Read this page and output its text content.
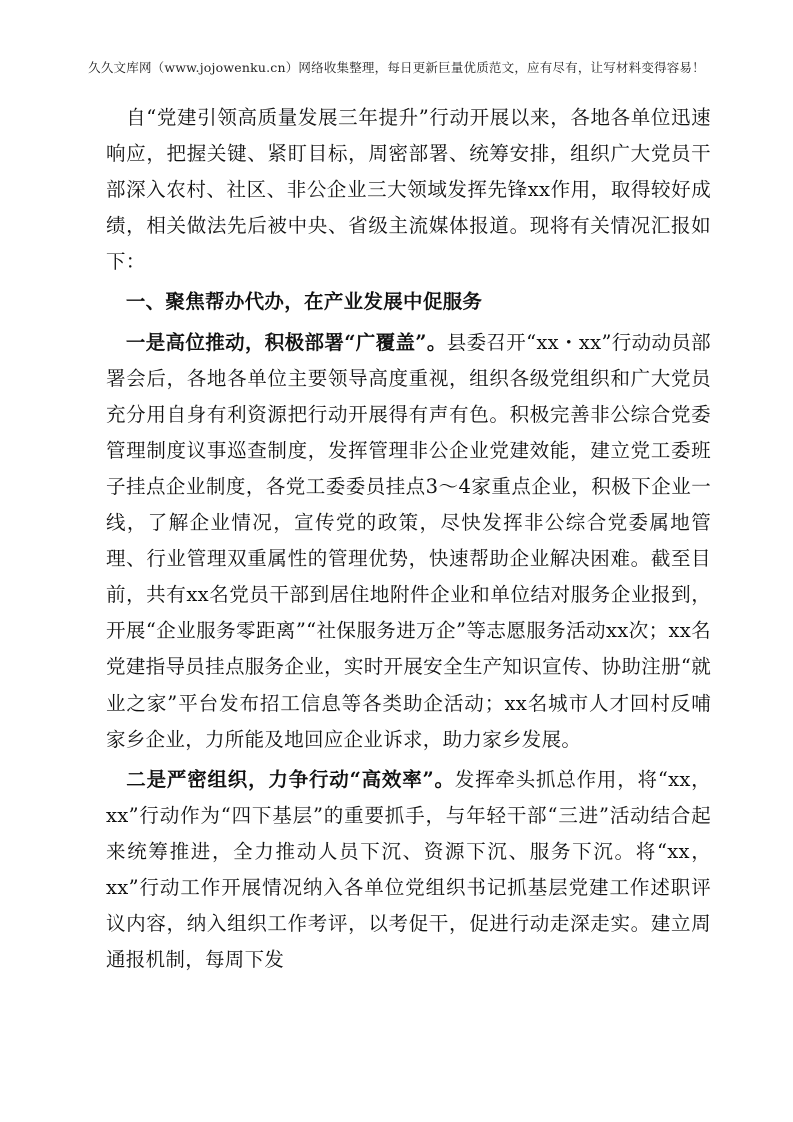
久久文库网（www.jojowenku.cn）网络收集整理，每日更新巨量优质范文，应有尽有，让写材料变得容易！

 自“党建引领高质量发展三年提升”行动开展以来，各地各单位迅速响应，把握关键、紧盯目标，周密部署、统筹安排，组织广大党员干部深入农村、社区、非公企业三大领域发挥先锋xx作用，取得较好成绩，相关做法先后被中央、省级主流媒体报道。现将有关情况汇报如下：

 一、聚焦帮办代办，在产业发展中促服务

 一是高位推动，积极部署“广覆盖”。县委召开“xx・xx”行动动员部署会后，各地各单位主要领导高度重视，组织各级党组织和广大党员充分用自身有利资源把行动开展得有声有色。积极完善非公综合党委管理制度议事巡查制度，发挥管理非公企业党建效能，建立党工委班子挂点企业制度，各党工委委员挂点3～4家重点企业，积极下企业一线，了解企业情况，宣传党的政策，尽快发挥非公综合党委属地管理、行业管理双重属性的管理优势，快速帮助企业解决困难。截至目前，共有xx名党员干部到居住地附件企业和单位结对服务企业报到，开展“企业服务零距离”“社保服务进万企”等志愿服务活动xx次；xx名党建指导员挂点服务企业，实时开展安全生产知识宣传、协助注册“就业之家”平台发布招工信息等各类助企活动；xx名城市人才回村反哺家乡企业，力所能及地回应企业诉求，助力家乡发展。

 二是严密组织，力争行动“高效率”。发挥牵头抓总作用，将“xx，xx”行动作为“四下基层”的重要抓手，与年轻干部“三进”活动结合起来统筹推进，全力推动人员下沉、资源下沉、服务下沉。将“xx，xx”行动工作开展情况纳入各单位党组织书记抓基层党建工作述职评议内容，纳入组织工作考评，以考促干，促进行动走深走实。建立周通报机制，每周下发
